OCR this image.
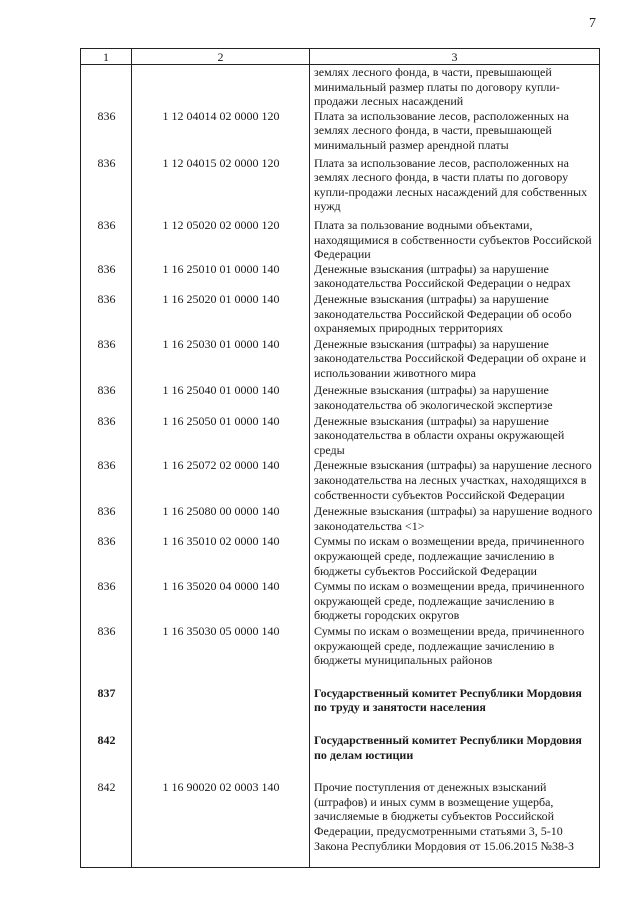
7
1	2	3
		землях лесного фонда, в части, превышающей минимальный размер платы по договору купли-продажи лесных насаждений
836	1 12 04014 02 0000 120	Плата за использование лесов, расположенных на землях лесного фонда, в части, превышающей минимальный размер арендной платы
836	1 12 04015 02 0000 120	Плата за использование лесов, расположенных на землях лесного фонда, в части платы по договору купли-продажи лесных насаждений для собственных нужд
836	1 12 05020 02 0000 120	Плата за пользование водными объектами, находящимися в собственности субъектов Российской Федерации
836	1 16 25010 01 0000 140	Денежные взыскания (штрафы) за нарушение законодательства Российской Федерации о недрах
836	1 16 25020 01 0000 140	Денежные взыскания (штрафы) за нарушение законодательства Российской Федерации об особо охраняемых природных территориях
836	1 16 25030 01 0000 140	Денежные взыскания (штрафы) за нарушение законодательства Российской Федерации об охране и использовании животного мира
836	1 16 25040 01 0000 140	Денежные взыскания (штрафы) за нарушение законодательства об экологической экспертизе
836	1 16 25050 01 0000 140	Денежные взыскания (штрафы) за нарушение законодательства в области охраны окружающей среды
836	1 16 25072 02 0000 140	Денежные взыскания (штрафы) за нарушение лесного законодательства на лесных участках, находящихся в собственности субъектов Российской Федерации
836	1 16 25080 00 0000 140	Денежные взыскания (штрафы) за нарушение водного законодательства <1>
836	1 16 35010 02 0000 140	Суммы по искам о возмещении вреда, причиненного окружающей среде, подлежащие зачислению в бюджеты субъектов Российской Федерации
836	1 16 35020 04 0000 140	Суммы по искам о возмещении вреда, причиненного окружающей среде, подлежащие зачислению в бюджеты городских округов
836	1 16 35030 05 0000 140	Суммы по искам о возмещении вреда, причиненного окружающей среде, подлежащие зачислению в бюджеты муниципальных районов
837		Государственный комитет Республики Мордовия по труду и занятости населения
842		Государственный комитет Республики Мордовия по делам юстиции
842	1 16 90020 02 0003 140	Прочие поступления от денежных взысканий (штрафов) и иных сумм в возмещение ущерба, зачисляемые в бюджеты субъектов Российской Федерации, предусмотренными статьями 3, 5-10 Закона Республики Мордовия от 15.06.2015 №38-З
